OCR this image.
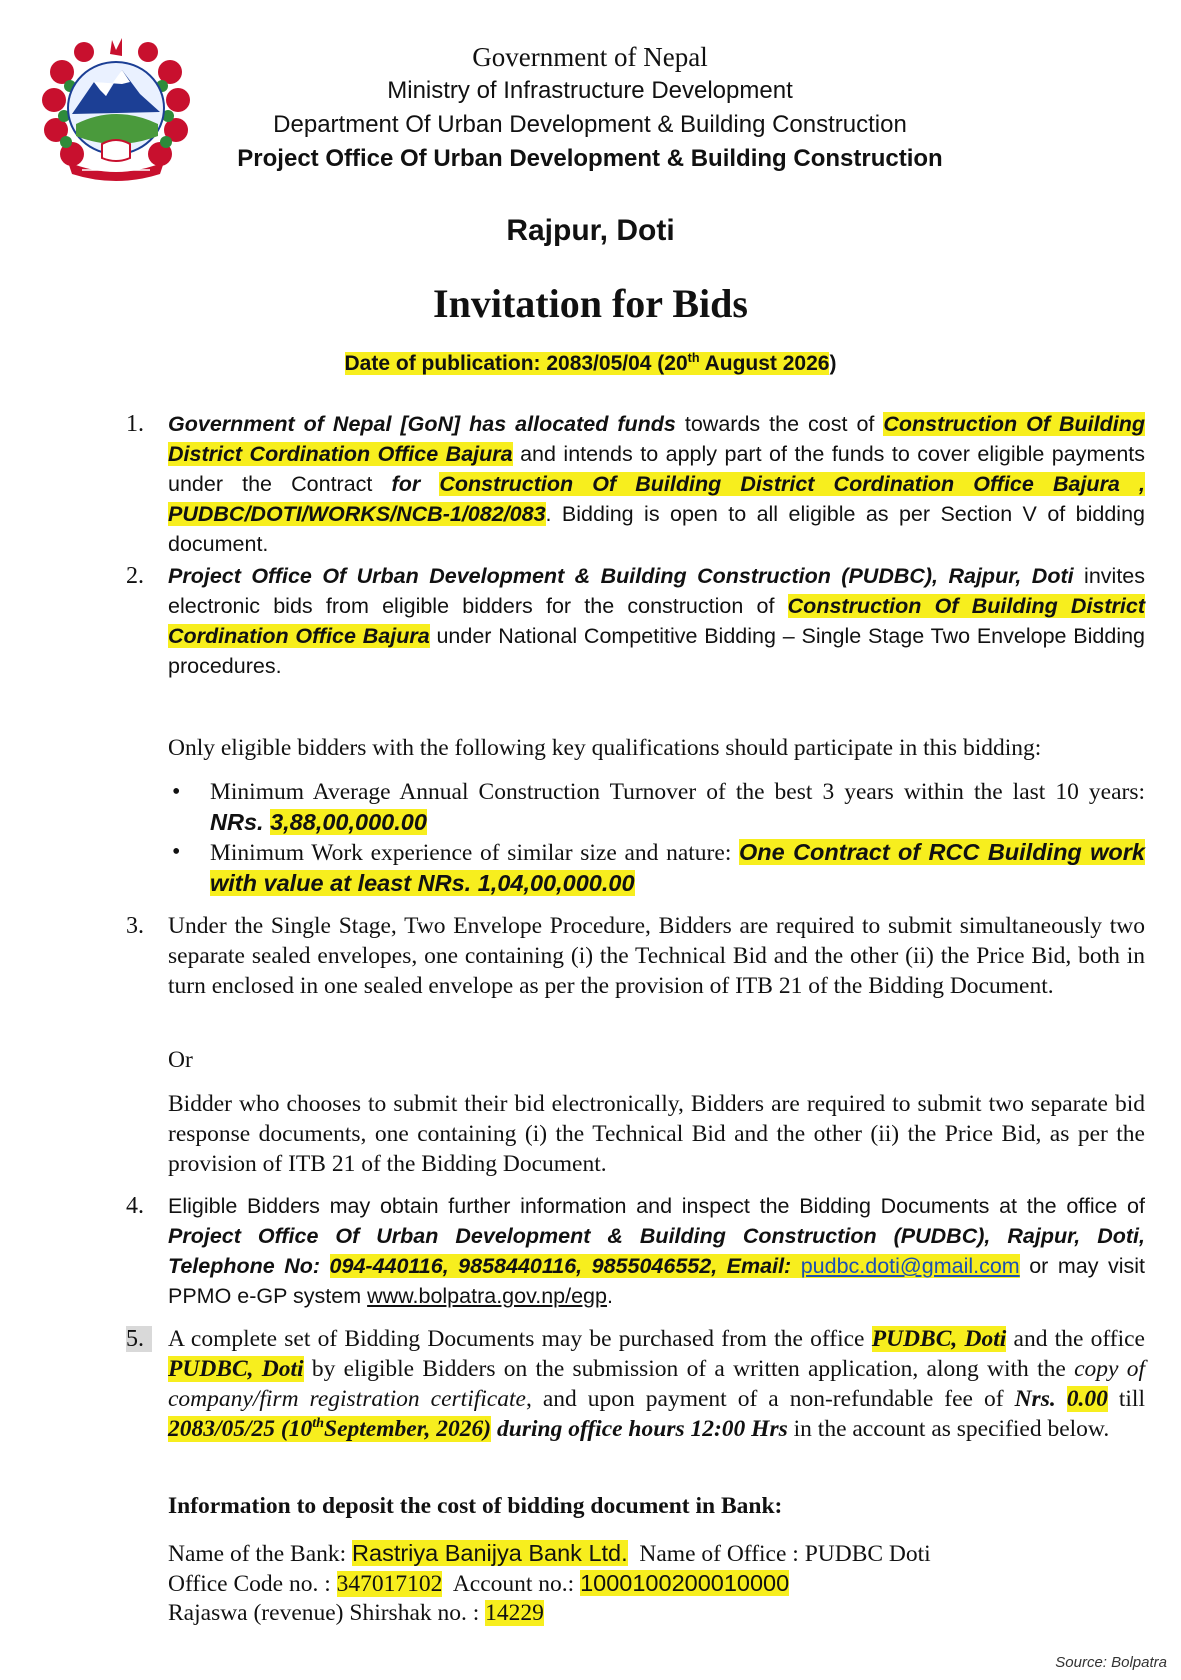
Government of Nepal
Ministry of Infrastructure Development
Department Of Urban Development & Building Construction
Project Office Of Urban Development & Building Construction
Rajpur, Doti
Invitation for Bids
Date of publication: 2083/05/04 (20th August 2026)
1. Government of Nepal [GoN] has allocated funds towards the cost of Construction Of Building District Cordination Office Bajura and intends to apply part of the funds to cover eligible payments under the Contract for Construction Of Building District Cordination Office Bajura , PUDBC/DOTI/WORKS/NCB-1/082/083. Bidding is open to all eligible as per Section V of bidding document.
2. Project Office Of Urban Development & Building Construction (PUDBC), Rajpur, Doti invites electronic bids from eligible bidders for the construction of Construction Of Building District Cordination Office Bajura under National Competitive Bidding – Single Stage Two Envelope Bidding procedures.
Only eligible bidders with the following key qualifications should participate in this bidding:
• Minimum Average Annual Construction Turnover of the best 3 years within the last 10 years: NRs. 3,88,00,000.00
• Minimum Work experience of similar size and nature: One Contract of RCC Building work with value at least NRs. 1,04,00,000.00
3. Under the Single Stage, Two Envelope Procedure, Bidders are required to submit simultaneously two separate sealed envelopes, one containing (i) the Technical Bid and the other (ii) the Price Bid, both in turn enclosed in one sealed envelope as per the provision of ITB 21 of the Bidding Document.
Or
Bidder who chooses to submit their bid electronically, Bidders are required to submit two separate bid response documents, one containing (i) the Technical Bid and the other (ii) the Price Bid, as per the provision of ITB 21 of the Bidding Document.
4. Eligible Bidders may obtain further information and inspect the Bidding Documents at the office of Project Office Of Urban Development & Building Construction (PUDBC), Rajpur, Doti, Telephone No: 094-440116, 9858440116, 9855046552, Email: pudbc.doti@gmail.com or may visit PPMO e-GP system www.bolpatra.gov.np/egp.
5.	A complete set of Bidding Documents may be purchased from the office PUDBC, Doti and the office PUDBC, Doti by eligible Bidders on the submission of a written application, along with the copy of company/firm registration certificate, and upon payment of a non-refundable fee of Nrs. 0.00 till 2083/05/25 (10thSeptember, 2026) during office hours 12:00 Hrs in the account as specified below.
Information to deposit the cost of bidding document in Bank:
Name of the Bank: Rastriya Banijya Bank Ltd.  Name of Office : PUDBC Doti
Office Code no. : 347017102  Account no.: 1000100200010000
Rajaswa (revenue) Shirshak no. : 14229
Source: Bolpatra
